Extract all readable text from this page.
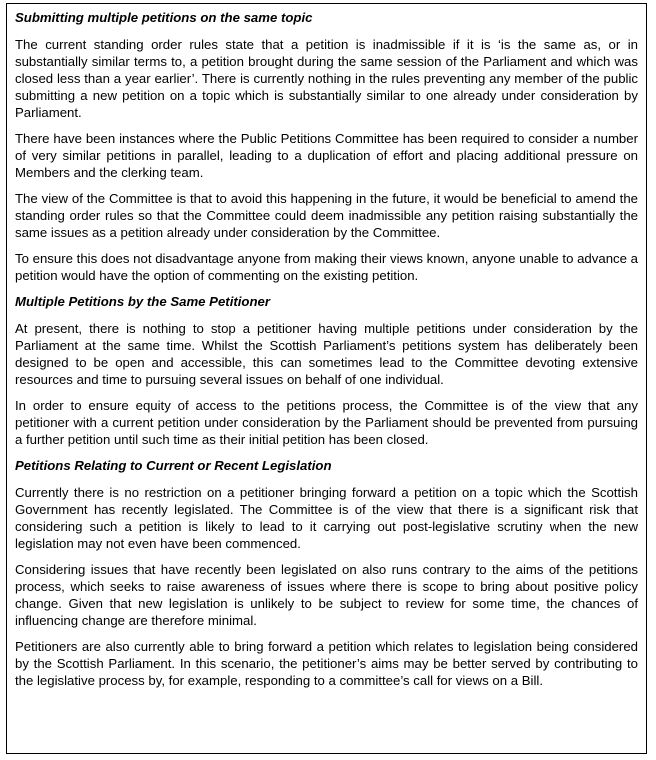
Submitting multiple petitions on the same topic

The current standing order rules state that a petition is inadmissible if it is ‘is the same as, or in substantially similar terms to, a petition brought during the same session of the Parliament and which was closed less than a year earlier’. There is currently nothing in the rules preventing any member of the public submitting a new petition on a topic which is substantially similar to one already under consideration by Parliament.

There have been instances where the Public Petitions Committee has been required to consider a number of very similar petitions in parallel, leading to a duplication of effort and placing additional pressure on Members and the clerking team.

The view of the Committee is that to avoid this happening in the future, it would be beneficial to amend the standing order rules so that the Committee could deem inadmissible any petition raising substantially the same issues as a petition already under consideration by the Committee.

To ensure this does not disadvantage anyone from making their views known, anyone unable to advance a petition would have the option of commenting on the existing petition.

Multiple Petitions by the Same Petitioner

At present, there is nothing to stop a petitioner having multiple petitions under consideration by the Parliament at the same time. Whilst the Scottish Parliament’s petitions system has deliberately been designed to be open and accessible, this can sometimes lead to the Committee devoting extensive resources and time to pursuing several issues on behalf of one individual.

In order to ensure equity of access to the petitions process, the Committee is of the view that any petitioner with a current petition under consideration by the Parliament should be prevented from pursuing a further petition until such time as their initial petition has been closed.

Petitions Relating to Current or Recent Legislation

Currently there is no restriction on a petitioner bringing forward a petition on a topic which the Scottish Government has recently legislated. The Committee is of the view that there is a significant risk that considering such a petition is likely to lead to it carrying out post-legislative scrutiny when the new legislation may not even have been commenced.

Considering issues that have recently been legislated on also runs contrary to the aims of the petitions process, which seeks to raise awareness of issues where there is scope to bring about positive policy change. Given that new legislation is unlikely to be subject to review for some time, the chances of influencing change are therefore minimal.

Petitioners are also currently able to bring forward a petition which relates to legislation being considered by the Scottish Parliament. In this scenario, the petitioner’s aims may be better served by contributing to the legislative process by, for example, responding to a committee’s call for views on a Bill.
